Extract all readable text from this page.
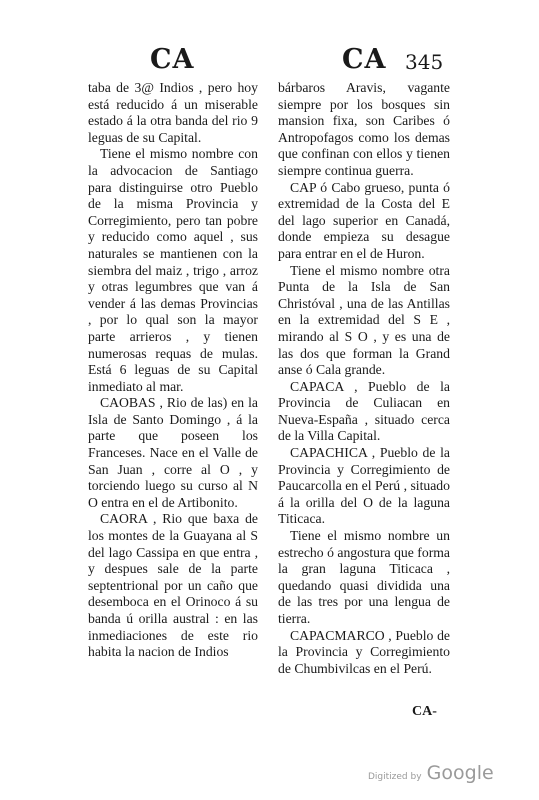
CA	CA 345

taba de 3@ Indios , pero hoy está reducido á un miserable estado á la otra banda del rio 9 leguas de su Capital.

Tiene el mismo nombre con la advocacion de Santiago para distinguirse otro Pueblo de la misma Provincia y Corregimiento, pero tan pobre y reducido como aquel , sus naturales se mantienen con la siembra del maiz , trigo , arroz y otras legumbres que van á vender á las demas Provincias , por lo qual son la mayor parte arrieros , y tienen numerosas requas de mulas. Está 6 leguas de su Capital inmediato al mar.

CAOBAS , Rio de las) en la Isla de Santo Domingo , á la parte que poseen los Franceses. Nace en el Valle de San Juan , corre al O , y torciendo luego su curso al N O entra en el de Artibonito.

CAORA , Rio que baxa de los montes de la Guayana al S del lago Cassipa en que entra , y despues sale de la parte septentrional por un caño que desemboca en el Orinoco á su banda ú orilla austral : en las inmediaciones de este rio habita la nacion de Indios

bárbaros Aravis, vagante siempre por los bosques sin mansion fixa, son Caribes ó Antropofagos como los demas que confinan con ellos y tienen siempre continua guerra.

CAP ó Cabo grueso, punta ó extremidad de la Costa del E del lago superior en Canadá, donde empieza su desague para entrar en el de Huron.

Tiene el mismo nombre otra Punta de la Isla de San Christóval , una de las Antillas en la extremidad del S E , mirando al S O , y es una de las dos que forman la Grand anse ó Cala grande.

CAPACA , Pueblo de la Provincia de Culiacan en Nueva-España , situado cerca de la Villa Capital.

CAPACHICA , Pueblo de la Provincia y Corregimiento de Paucarcolla en el Perú , situado á la orilla del O de la laguna Titicaca.

Tiene el mismo nombre un estrecho ó angostura que forma la gran laguna Titicaca , quedando quasi dividida una de las tres por una lengua de tierra.

CAPACMARCO , Pueblo de la Provincia y Corregimiento de Chumbivilcas en el Perú.

CA-
Digitized by Google
